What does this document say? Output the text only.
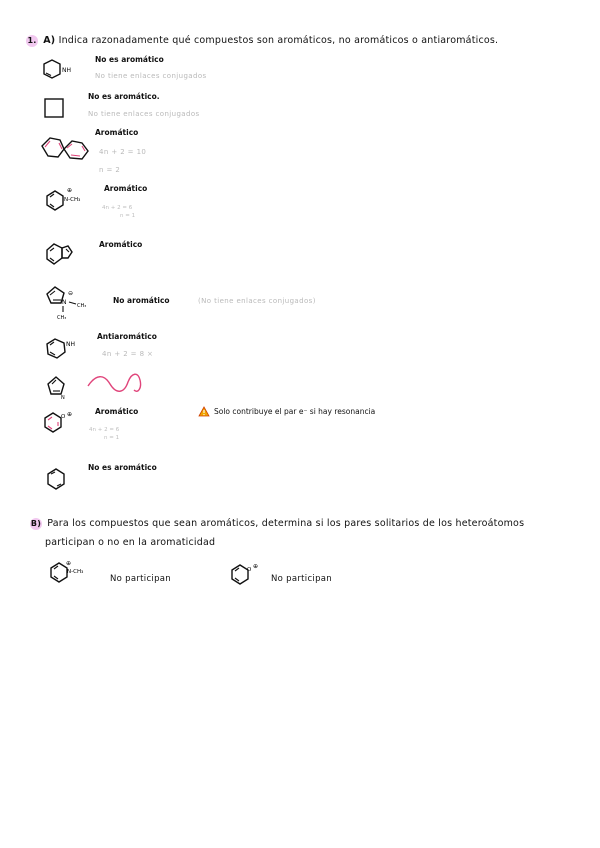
1. A) Indica razonadamente qué compuestos son aromáticos, no aromáticos o antiaromáticos.
NH
No es aromático
No tiene enlaces conjugados
No es aromático.
No tiene enlaces conjugados
Aromático
4n + 2 = 10
n = 2
⊕
N-CH₃
Aromático
4n + 2 = 6
n = 1
Aromático
⊖
N CH₃
CH₃
No aromático	(No tiene enlaces conjugados)
NH
Antiaromático
4n + 2 = 8 ×
N
O ⊕	Aromático
4n + 2 = 6
n = 1
Solo contribuye el par e⁻ si hay resonancia
No es aromático
B) Para los compuestos que sean aromáticos, determina si los pares solitarios de los heteroátomos
participan o no en la aromaticidad
⊕
N-CH₃
No participan
O ⊕
No participan
